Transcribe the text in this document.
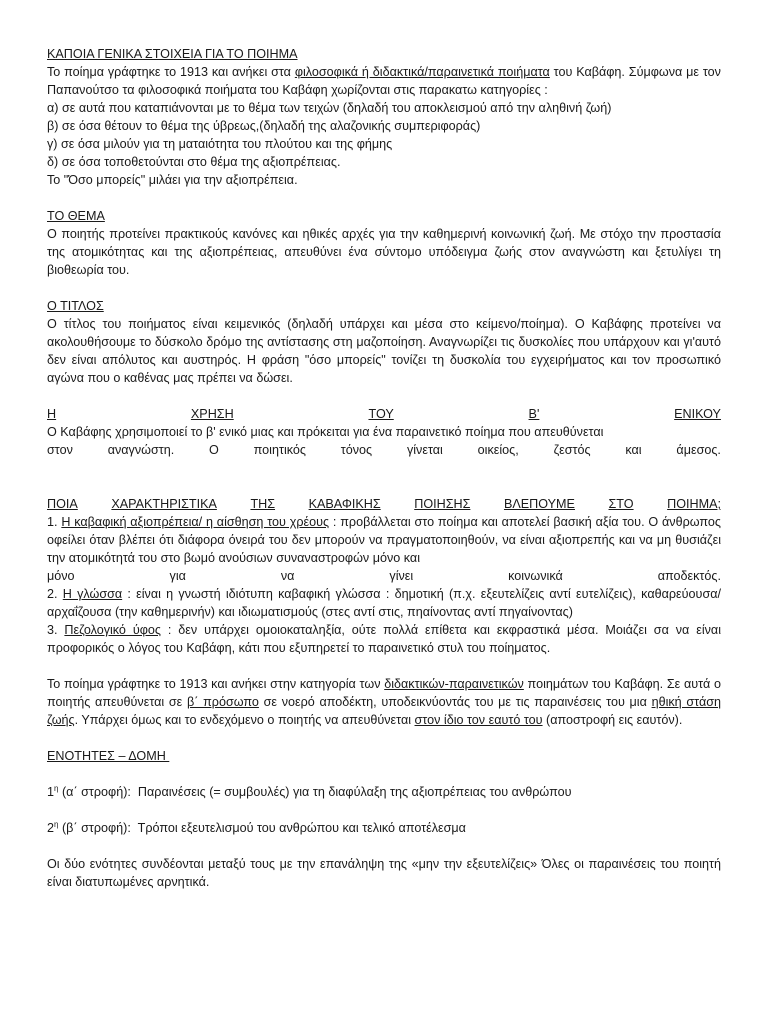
ΚΑΠΟΙΑ ΓΕΝΙΚΑ ΣΤΟΙΧΕΙΑ ΓΙΑ ΤΟ ΠΟΙΗΜΑ

Το ποίημα γράφτηκε το 1913 και ανήκει στα φιλοσοφικά ή διδακτικά/παραινετικά ποιήματα του Καβάφη. Σύμφωνα με τον Παπανούτσο τα φιλοσοφικά ποιήματα του Καβάφη χωρίζονται στις παρακατω κατηγορίες :

α) σε αυτά που καταπιάνονται με το θέμα των τειχών (δηλαδή του αποκλεισμού από την αληθινή ζωή)
β) σε όσα θέτουν το θέμα της ύβρεως,(δηλαδή της αλαζονικής συμπεριφοράς)
γ) σε όσα μιλούν για τη ματαιότητα του πλούτου και της φήμης
δ) σε όσα τοποθετούνται στο θέμα της αξιοπρέπειας.
Το "Όσο μπορείς" μιλάει για την αξιοπρέπεια.
ΤΟ ΘΕΜΑ

Ο ποιητής προτείνει πρακτικούς κανόνες και ηθικές αρχές για την καθημερινή κοινωνική ζωή. Με στόχο την προστασία της ατομικότητας και της αξιοπρέπειας, απευθύνει ένα σύντομο υπόδειγμα ζωής στον αναγνώστη και ξετυλίγει τη βιοθεωρία του.

Ο ΤΙΤΛΟΣ

Ο τίτλος του ποιήματος είναι κειμενικός (δηλαδή υπάρχει και μέσα στο κείμενο/ποίημα). Ο Καβάφης προτείνει να ακολουθήσουμε το δύσκολο δρόμο της αντίστασης στη μαζοποίηση. Αναγνωρίζει τις δυσκολίες που υπάρχουν και γι'αυτό δεν είναι απόλυτος και αυστηρός. Η φράση "όσο μπορείς" τονίζει τη δυσκολία του εγχειρήματος και τον προσωπικό αγώνα που ο καθένας μας πρέπει να δώσει.

Η	ΧΡΗΣΗ	ΤΟΥ	Β'	ΕΝΙΚΟΥ
Ο Καβάφης χρησιμοποιεί το β' ενικό μιας και πρόκειται για ένα παραινετικό ποίημα που απευθύνεται
στον	αναγνώστη.	Ο	ποιητικός	τόνος	γίνεται	οικείος,	ζεστός	και	άμεσος.
ΠΟΙΑ	ΧΑΡΑΚΤΗΡΙΣΤΙΚΑ	ΤΗΣ	ΚΑΒΑΦΙΚΗΣ	ΠΟΙΗΣΗΣ	ΒΛΕΠΟΥΜΕ	ΣΤΟ	ΠΟΙΗΜΑ;

1. Η καβαφική αξιοπρέπεια/ η αίσθηση του χρέους : προβάλλεται στο ποίημα και αποτελεί βασική αξία του. Ο άνθρωπος οφείλει όταν βλέπει ότι διάφορα όνειρά του δεν μπορούν να πραγματοποιηθούν, να είναι αξιοπρεπής και να μη θυσιάζει την ατομικότητά του στο βωμό ανούσιων συναναστροφών μόνο και

μόνο	για	να	γίνει	κοινωνικά	αποδεκτός.

2. Η γλώσσα : είναι η γνωστή ιδιότυπη καβαφική γλώσσα : δημοτική (π.χ. εξευτελίζεις αντί ευτελίζεις), καθαρεύουσα/ αρχαΐζουσα (την καθημερινήν) και ιδιωματισμούς (στες αντί στις, πηαίνοντας αντί πηγαίνοντας)

3. Πεζολογικό ύφος : δεν υπάρχει ομοιοκαταληξία, ούτε πολλά επίθετα και εκφραστικά μέσα. Μοιάζει σα να είναι προφορικός ο λόγος του Καβάφη, κάτι που εξυπηρετεί το παραινετικό στυλ του ποίηματος.

Το ποίημα γράφτηκε το 1913 και ανήκει στην κατηγορία των διδακτικών-παραινετικών ποιημάτων του Καβάφη. Σε αυτά ο ποιητής απευθύνεται σε β΄ πρόσωπο σε νοερό αποδέκτη, υποδεικνύοντάς του με τις παραινέσεις του μια ηθική στάση ζωής. Υπάρχει όμως και το ενδεχόμενο ο ποιητής να απευθύνεται στον ίδιο τον εαυτό του (αποστροφή εις εαυτόν).

ΕΝΟΤΗΤΕΣ – ΔΟΜΗ
$1^\eta$ (α΄ στροφή):  Παραινέσεις (= συμβουλές) για τη διαφύλαξη της αξιοπρέπειας του ανθρώπου
$2^\eta$ (β΄ στροφή):  Τρόποι εξευτελισμού του ανθρώπου και τελικό αποτέλεσμα

Οι δύο ενότητες συνδέονται μεταξύ τους με την επανάληψη της «μην την εξευτελίζεις» Όλες οι παραινέσεις του ποιητή είναι διατυπωμένες αρνητικά.
